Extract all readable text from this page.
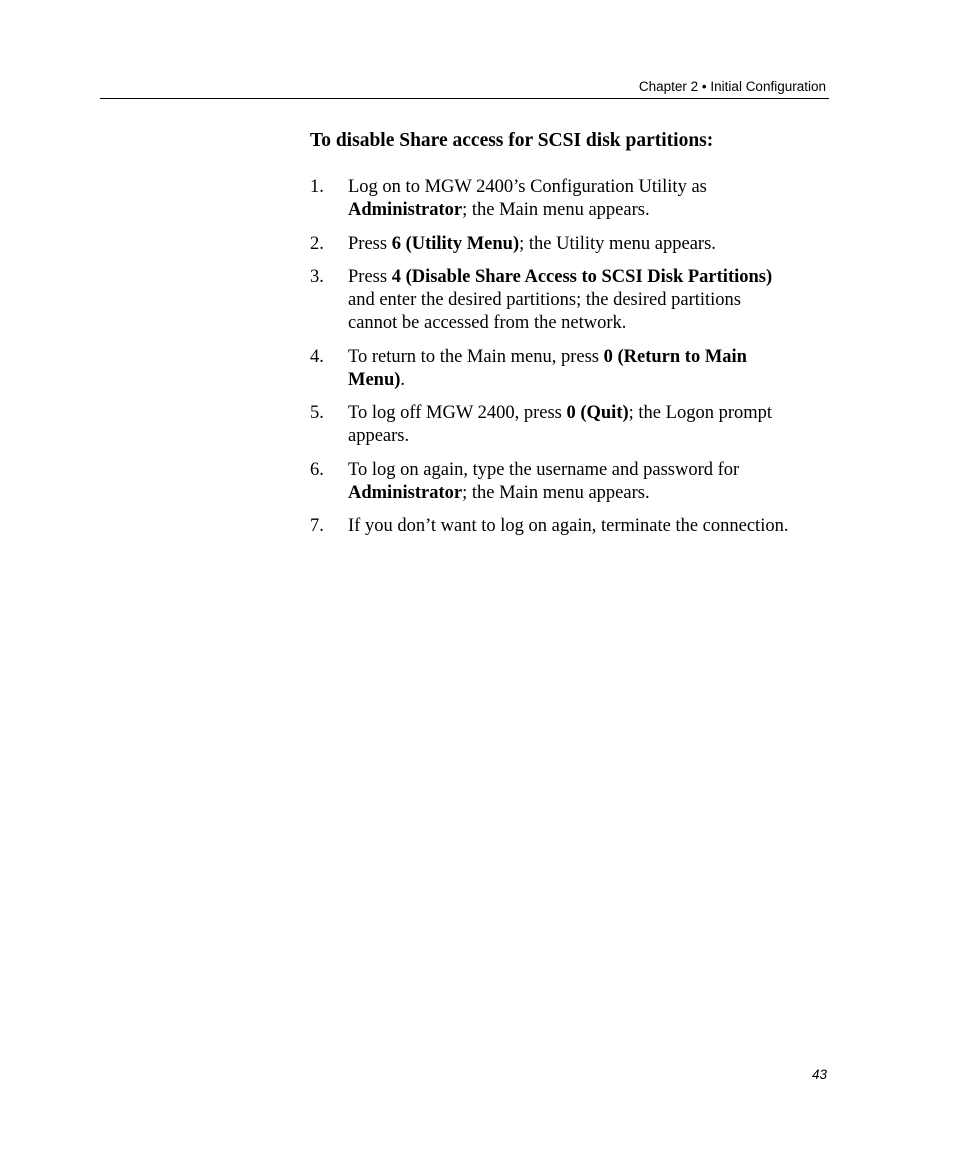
Chapter 2 • Initial Configuration
To disable Share access for SCSI disk partitions:
1.	Log on to MGW 2400’s Configuration Utility as
Administrator; the Main menu appears.
2.	Press 6 (Utility Menu); the Utility menu appears.
3.	Press 4 (Disable Share Access to SCSI Disk Partitions)
and enter the desired partitions; the desired partitions
cannot be accessed from the network.
4.	To return to the Main menu, press 0 (Return to Main
Menu).
5.	To log off MGW 2400, press 0 (Quit); the Logon prompt
appears.
6.	To log on again, type the username and password for
Administrator; the Main menu appears.
7.	If you don’t want to log on again, terminate the connection.
43
